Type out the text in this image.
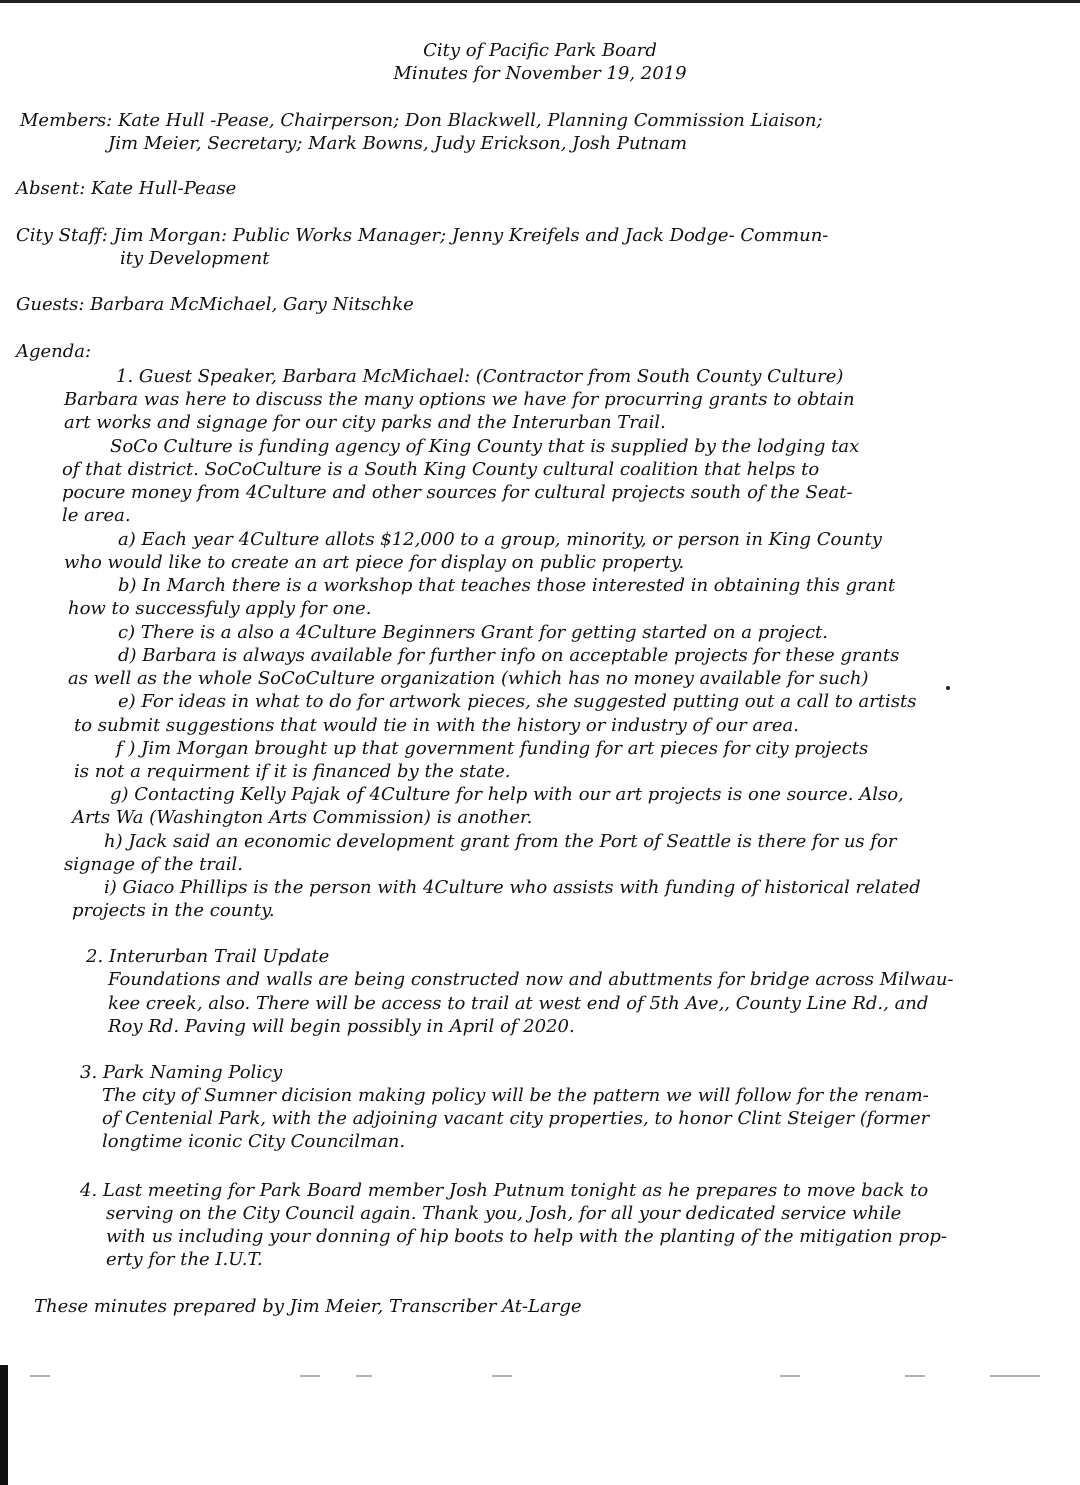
City of Pacific Park Board
Minutes for November 19, 2019
Members: Kate Hull -Pease, Chairperson; Don Blackwell, Planning Commission Liaison;
Jim Meier, Secretary; Mark Bowns, Judy Erickson, Josh Putnam
Absent: Kate Hull-Pease
City Staff: Jim Morgan: Public Works Manager; Jenny Kreifels and Jack Dodge- Commun-
ity Development
Guests: Barbara McMichael, Gary Nitschke
Agenda:
1. Guest Speaker, Barbara McMichael: (Contractor from South County Culture)
Barbara was here to discuss the many options we have for procurring grants to obtain
art works and signage for our city parks and the Interurban Trail.
SoCo Culture is funding agency of King County that is supplied by the lodging tax
of that district. SoCoCulture is a South King County cultural coalition that helps to
pocure money from 4Culture and other sources for cultural projects south of the Seat-
le area.
a) Each year 4Culture allots $12,000 to a group, minority, or person in King County
who would like to create an art piece for display on public property.
b) In March there is a workshop that teaches those interested in obtaining this grant
how to successfuly apply for one.
c) There is a also a 4Culture Beginners Grant for getting started on a project.
d) Barbara is always available for further info on acceptable projects for these grants
as well as the whole SoCoCulture organization (which has no money available for such)
e) For ideas in what to do for artwork pieces, she suggested putting out a call to artists
to submit suggestions that would tie in with the history or industry of our area.
f ) Jim Morgan brought up that government funding for art pieces for city projects
is not a requirment if it is financed by the state.
g) Contacting Kelly Pajak of 4Culture for help with our art projects is one source. Also,
Arts Wa (Washington Arts Commission) is another.
h) Jack said an economic development grant from the Port of Seattle is there for us for
signage of the trail.
i) Giaco Phillips is the person with 4Culture who assists with funding of historical related
projects in the county.
2. Interurban Trail Update
Foundations and walls are being constructed now and abuttments for bridge across Milwau-
kee creek, also. There will be access to trail at west end of 5th Ave,, County Line Rd., and
Roy Rd. Paving will begin possibly in April of 2020.
3. Park Naming Policy
The city of Sumner dicision making policy will be the pattern we will follow for the renam-
of Centenial Park, with the adjoining vacant city properties, to honor Clint Steiger (former
longtime iconic City Councilman.
4. Last meeting for Park Board member Josh Putnum tonight as he prepares to move back to
serving on the City Council again. Thank you, Josh, for all your dedicated service while
with us including your donning of hip boots to help with the planting of the mitigation prop-
erty for the I.U.T.
These minutes prepared by Jim Meier, Transcriber At-Large
